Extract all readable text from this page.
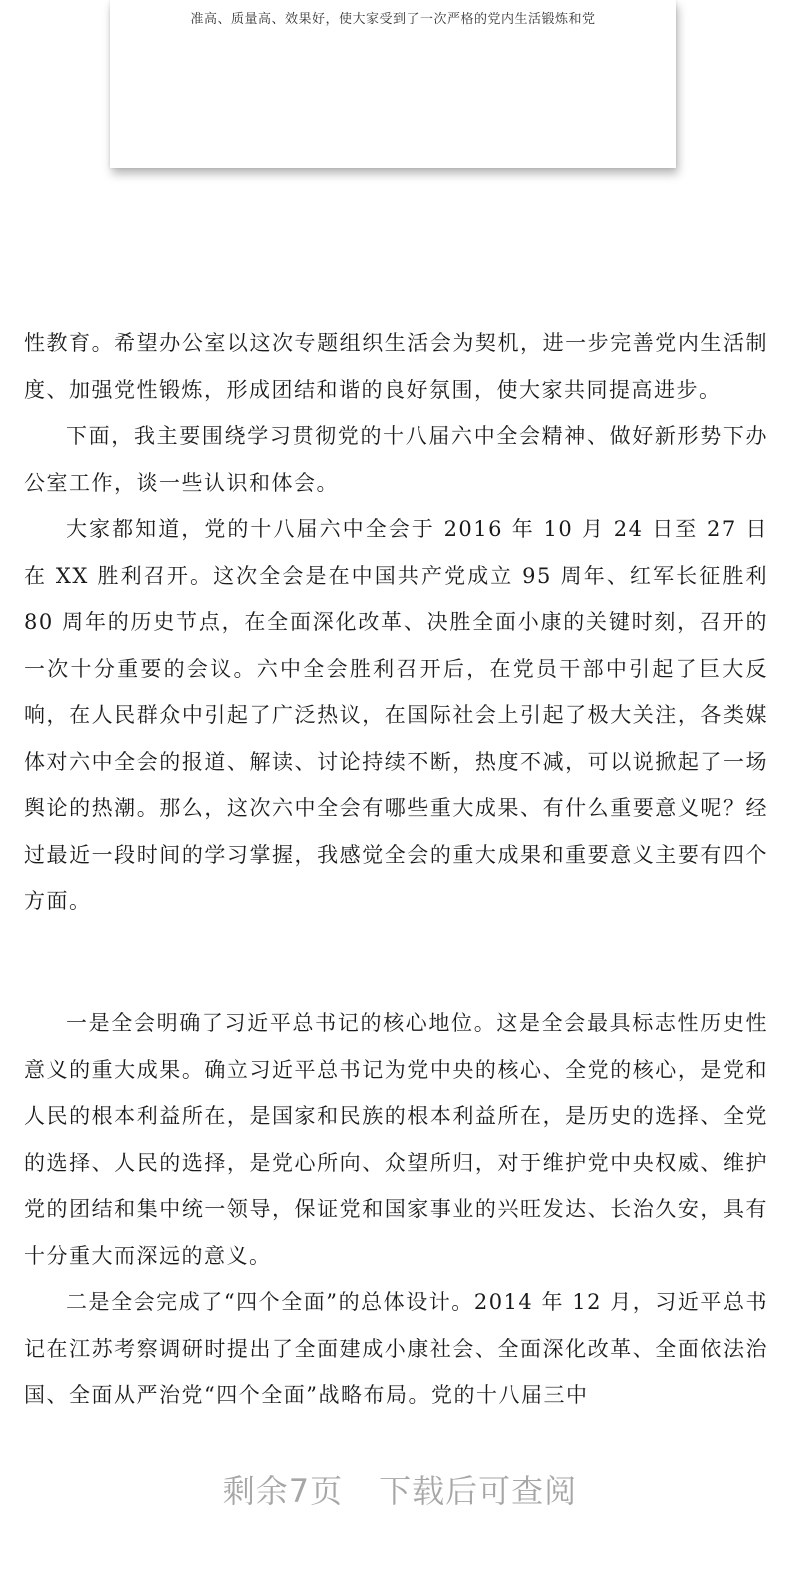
准高、质量高、效果好，使大家受到了一次严格的党内生活锻炼和党

性教育。希望办公室以这次专题组织生活会为契机，进一步完善党内生活制度、加强党性锻炼，形成团结和谐的良好氛围，使大家共同提高进步。

下面，我主要围绕学习贯彻党的十八届六中全会精神、做好新形势下办公室工作，谈一些认识和体会。

大家都知道，党的十八届六中全会于 2016 年 10 月 24 日至 27 日在 XX 胜利召开。这次全会是在中国共产党成立 95 周年、红军长征胜利 80 周年的历史节点，在全面深化改革、决胜全面小康的关键时刻，召开的一次十分重要的会议。六中全会胜利召开后，在党员干部中引起了巨大反响，在人民群众中引起了广泛热议，在国际社会上引起了极大关注，各类媒体对六中全会的报道、解读、讨论持续不断，热度不减，可以说掀起了一场舆论的热潮。那么，这次六中全会有哪些重大成果、有什么重要意义呢？经过最近一段时间的学习掌握，我感觉全会的重大成果和重要意义主要有四个方面。

一是全会明确了习近平总书记的核心地位。这是全会最具标志性历史性意义的重大成果。确立习近平总书记为党中央的核心、全党的核心，是党和人民的根本利益所在，是国家和民族的根本利益所在，是历史的选择、全党的选择、人民的选择，是党心所向、众望所归，对于维护党中央权威、维护党的团结和集中统一领导，保证党和国家事业的兴旺发达、长治久安，具有十分重大而深远的意义。

二是全会完成了“四个全面”的总体设计。2014 年 12 月，习近平总书记在江苏考察调研时提出了全面建成小康社会、全面深化改革、全面依法治国、全面从严治党“四个全面”战略布局。党的十八届三中

剩余7页 下载后可查阅
